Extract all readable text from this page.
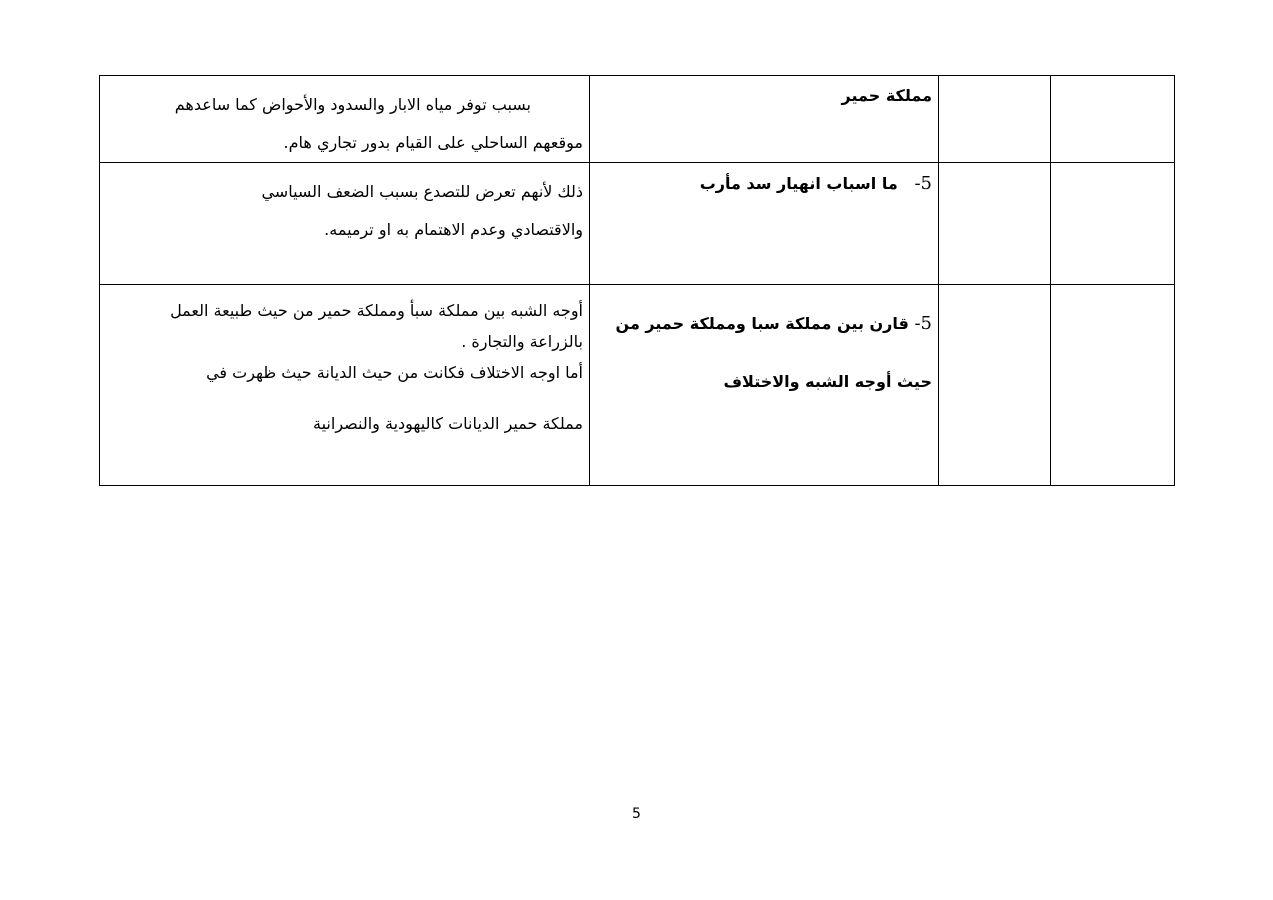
بسبب توفر مياه الابار والسدود والأحواض كما ساعدهم
موقعهم الساحلي على القيام بدور تجاري هام.	مملكة حمير		

ذلك لأنهم تعرض للتصدع بسبب الضعف السياسي
والاقتصادي وعدم الاهتمام به او ترميمه.	5-   ما اسباب انهيار سد مأرب		

أوجه الشبه بين مملكة سبأ ومملكة حمير من حيث طبيعة العمل
بالزراعة والتجارة .
أما اوجه الاختلاف فكانت من حيث الديانة حيث ظهرت في
مملكة حمير الديانات كاليهودية والنصرانية	5- قارن بين مملكة سبا ومملكة حمير من
حيث أوجه الشبه والاختلاف		

5
